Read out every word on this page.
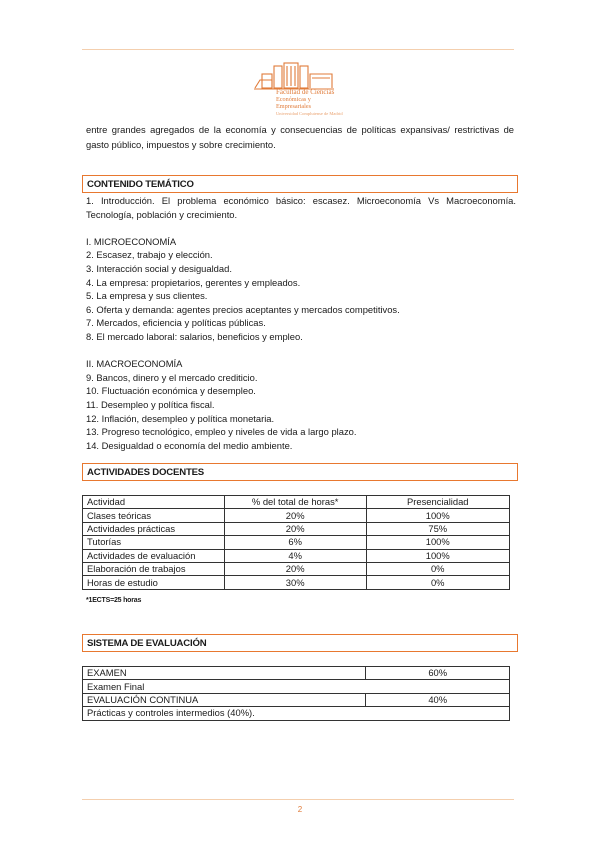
Facultad de Ciencias
Económicas y Empresariales
Universidad Complutense de Madrid
entre grandes agregados de la economía y consecuencias de políticas expansivas/ restrictivas de gasto público, impuestos y sobre crecimiento.
CONTENIDO TEMÁTICO
1. Introducción. El problema económico básico: escasez. Microeconomía Vs Macroeconomía. Tecnología, población y crecimiento.
I. MICROECONOMÍA
2. Escasez, trabajo y elección.
3. Interacción social y desigualdad.
4. La empresa: propietarios, gerentes y empleados.
5. La empresa y sus clientes.
6. Oferta y demanda: agentes precios aceptantes y mercados competitivos.
7. Mercados, eficiencia y políticas públicas.
8. El mercado laboral: salarios, beneficios y empleo.
II. MACROECONOMÍA
9. Bancos, dinero y el mercado crediticio.
10. Fluctuación económica y desempleo.
11. Desempleo y política fiscal.
12. Inflación, desempleo y política monetaria.
13. Progreso tecnológico, empleo y niveles de vida a largo plazo.
14. Desigualdad o economía del medio ambiente.
ACTIVIDADES DOCENTES
Actividad	% del total de horas*	Presencialidad
Clases teóricas	20%	100%
Actividades prácticas	20%	75%
Tutorías	6%	100%
Actividades de evaluación	4%	100%
Elaboración de trabajos	20%	0%
Horas de estudio	30%	0%
*1ECTS=25 horas
SISTEMA DE EVALUACIÓN
EXAMEN	60%
Examen Final	
EVALUACIÓN CONTINUA	40%
Prácticas y controles intermedios (40%).	
2
